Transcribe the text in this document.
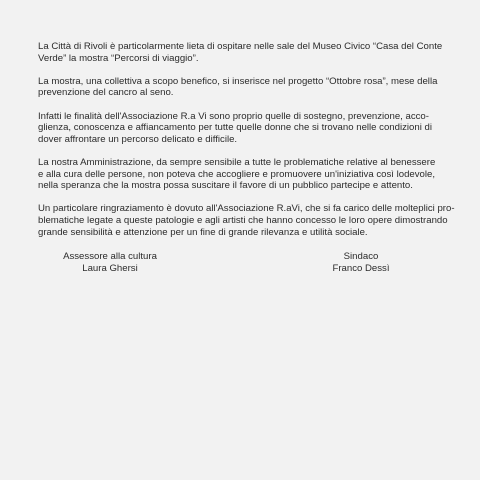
La Città di Rivoli è particolarmente lieta di ospitare nelle sale del Museo Civico “Casa del Conte
Verde” la mostra “Percorsi di viaggio”.

La mostra, una collettiva a scopo benefico, si inserisce nel progetto “Ottobre rosa”, mese della
prevenzione del cancro al seno.

Infatti le finalità dell'Associazione R.a Vi sono proprio quelle di sostegno, prevenzione, acco-
glienza, conoscenza e affiancamento per tutte quelle donne che si trovano nelle condizioni di
dover affrontare un percorso delicato e difficile.

La nostra Amministrazione, da sempre sensibile a tutte le problematiche relative al benessere
e alla cura delle persone, non poteva che accogliere e promuovere un'iniziativa così lodevole,
nella speranza che la mostra possa suscitare il favore di un pubblico partecipe e attento.

Un particolare ringraziamento è dovuto all'Associazione R.aVi, che si fa carico delle molteplici pro-
blematiche legate a queste patologie e agli artisti che hanno concesso le loro opere dimostrando
grande sensibilità e attenzione per un fine di grande rilevanza e utilità sociale.

Assessore alla cultura
Laura Ghersi
Sindaco
Franco Dessì
